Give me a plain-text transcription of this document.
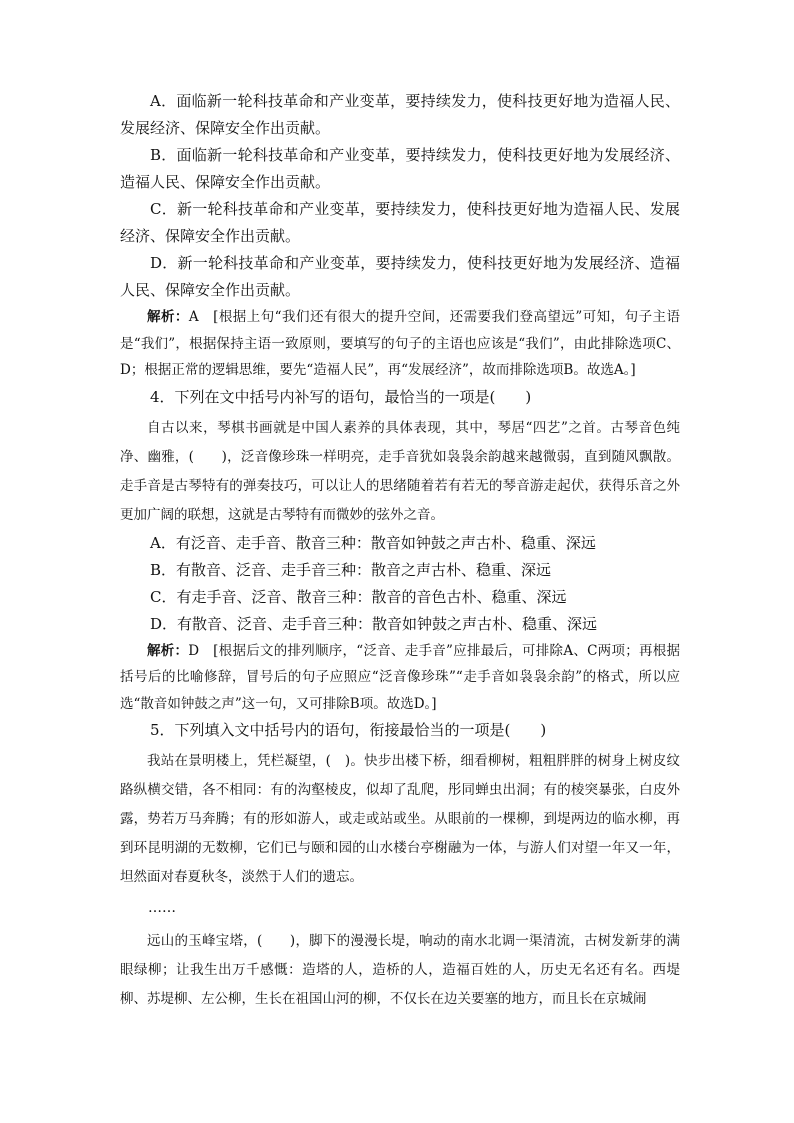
A．面临新一轮科技革命和产业变革，要持续发力，使科技更好地为造福人民、发展经济、保障安全作出贡献。

B．面临新一轮科技革命和产业变革，要持续发力，使科技更好地为发展经济、造福人民、保障安全作出贡献。

C．新一轮科技革命和产业变革，要持续发力，使科技更好地为造福人民、发展经济、保障安全作出贡献。

D．新一轮科技革命和产业变革，要持续发力，使科技更好地为发展经济、造福人民、保障安全作出贡献。

解析：A　[根据上句“我们还有很大的提升空间，还需要我们登高望远”可知，句子主语是“我们”，根据保持主语一致原则，要填写的句子的主语也应该是“我们”，由此排除选项C、D；根据正常的逻辑思维，要先“造福人民”，再“发展经济”，故而排除选项B。故选A。]

4．下列在文中括号内补写的语句，最恰当的一项是(　　)

自古以来，琴棋书画就是中国人素养的具体表现，其中，琴居“四艺”之首。古琴音色纯净、幽雅，(　　)，泛音像珍珠一样明亮，走手音犹如袅袅余韵越来越微弱，直到随风飘散。走手音是古琴特有的弹奏技巧，可以让人的思绪随着若有若无的琴音游走起伏，获得乐音之外更加广阔的联想，这就是古琴特有而微妙的弦外之音。

A．有泛音、走手音、散音三种：散音如钟鼓之声古朴、稳重、深远

B．有散音、泛音、走手音三种：散音之声古朴、稳重、深远

C．有走手音、泛音、散音三种：散音的音色古朴、稳重、深远

D．有散音、泛音、走手音三种：散音如钟鼓之声古朴、稳重、深远

解析：D　[根据后文的排列顺序，“泛音、走手音”应排最后，可排除A、C两项；再根据括号后的比喻修辞，冒号后的句子应照应“泛音像珍珠”“走手音如袅袅余韵”的格式，所以应选“散音如钟鼓之声”这一句，又可排除B项。故选D。]

5．下列填入文中括号内的语句，衔接最恰当的一项是(　　)

我站在景明楼上，凭栏凝望，(　)。快步出楼下桥，细看柳树，粗粗胖胖的树身上树皮纹路纵横交错，各不相同：有的沟壑棱皮，似却了乱爬，彤同蝉虫出洞；有的棱突暴张，白皮外露，势若万马奔腾；有的形如游人，或走或站或坐。从眼前的一棵柳，到堤两边的临水柳，再到环昆明湖的无数柳，它们已与颐和园的山水楼台亭榭融为一体，与游人们对望一年又一年，坦然面对春夏秋冬，淡然于人们的遗忘。

……

远山的玉峰宝塔，(　　)，脚下的漫漫长堤，响动的南水北调一渠清流，古树发新芽的满眼绿柳；让我生出万千感慨：造塔的人，造桥的人，造福百姓的人，历史无名还有名。西堤柳、苏堤柳、左公柳，生长在祖国山河的柳，不仅长在边关要塞的地方，而且长在京城闹
